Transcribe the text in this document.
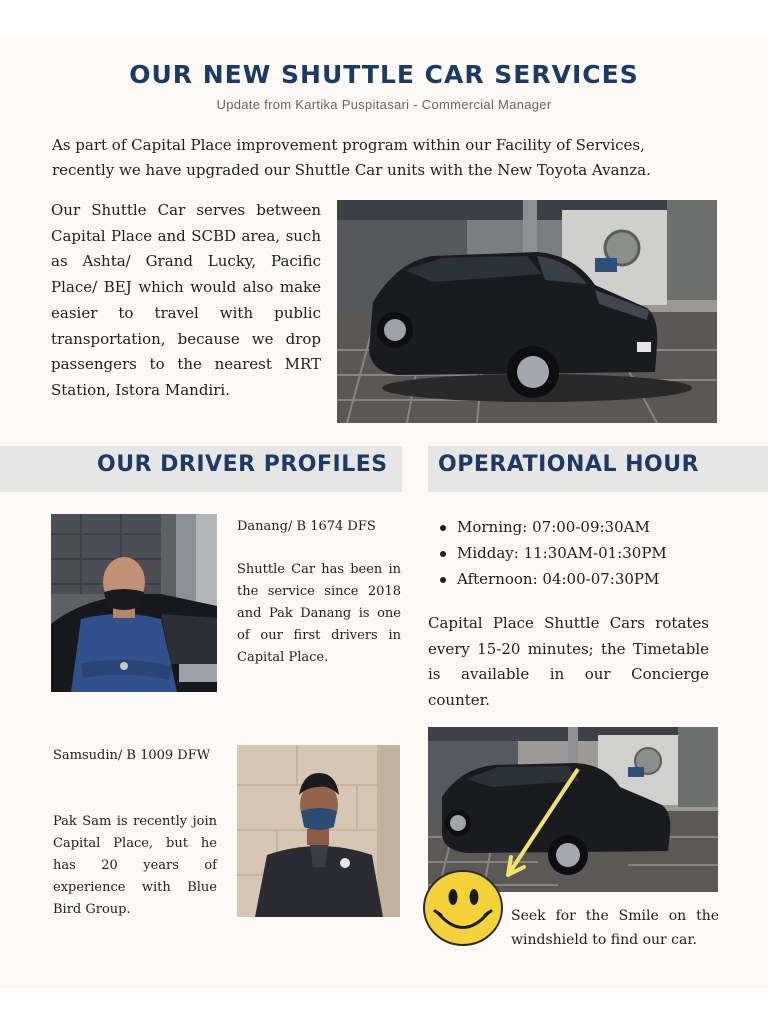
OUR NEW SHUTTLE CAR SERVICES
Update from Kartika Puspitasari - Commercial Manager

As part of Capital Place improvement program within our Facility of Services,
recently we have upgraded our Shuttle Car units with the New Toyota Avanza.

Our Shuttle Car serves between Capital Place and SCBD area, such as Ashta/ Grand Lucky, Pacific Place/ BEJ which would also make easier to travel with public transportation, because we drop passengers to the nearest MRT Station, Istora Mandiri.

OUR DRIVER PROFILES	OPERATIONAL HOUR

Danang/ B 1674 DFS

Shuttle Car has been in the service since 2018 and Pak Danang is one of our first drivers in Capital Place.

Samsudin/ B 1009 DFW

Pak Sam is recently join Capital Place, but he has 20 years of experience with Blue Bird Group.

Morning: 07:00-09:30AM
Midday: 11:30AM-01:30PM
Afternoon: 04:00-07:30PM

Capital Place Shuttle Cars rotates every 15-20 minutes; the Timetable is available in our Concierge counter.

Seek for the Smile on the windshield to find our car.
